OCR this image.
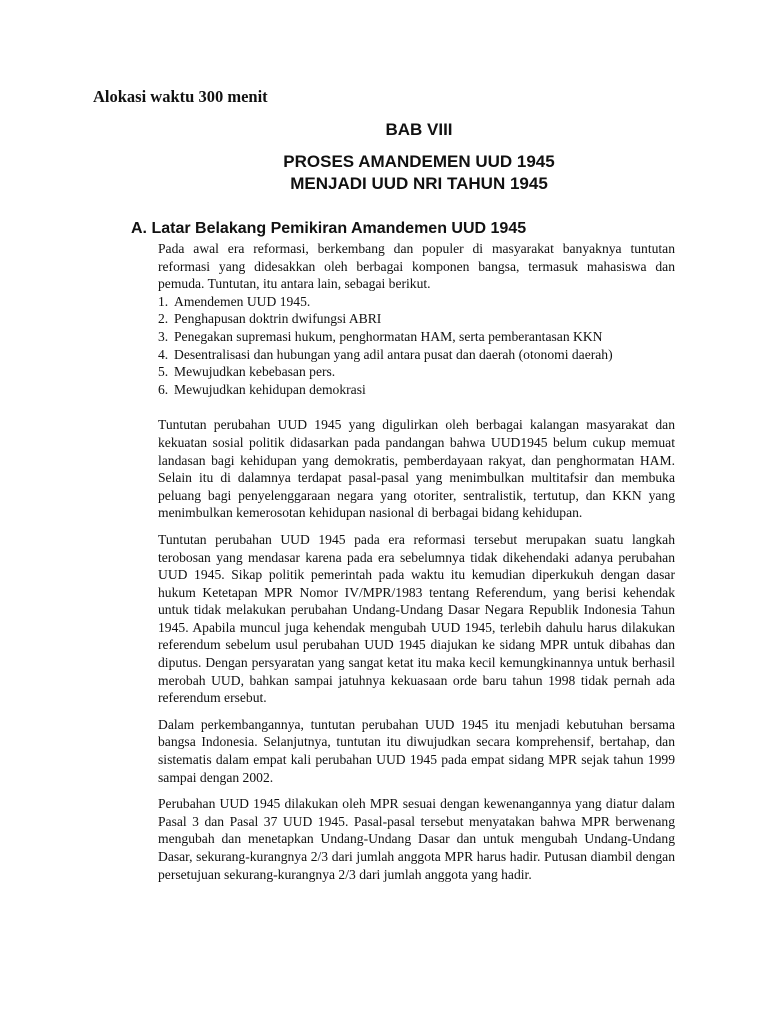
Alokasi waktu 300 menit
BAB VIII
PROSES AMANDEMEN UUD 1945
MENJADI UUD NRI TAHUN 1945
A. Latar Belakang Pemikiran Amandemen UUD 1945

Pada awal era reformasi, berkembang dan populer di masyarakat banyaknya tuntutan reformasi yang didesakkan oleh berbagai komponen bangsa, termasuk mahasiswa dan pemuda. Tuntutan, itu antara lain, sebagai berikut.

1. Amendemen UUD 1945.
2. Penghapusan doktrin dwifungsi ABRI
3. Penegakan supremasi hukum, penghormatan HAM, serta pemberantasan KKN
4. Desentralisasi dan hubungan yang adil antara pusat dan daerah (otonomi daerah)
5. Mewujudkan kebebasan pers.
6. Mewujudkan kehidupan demokrasi

Tuntutan perubahan UUD 1945 yang digulirkan oleh berbagai kalangan masyarakat dan kekuatan sosial politik didasarkan pada pandangan bahwa UUD1945 belum cukup memuat landasan bagi kehidupan yang demokratis, pemberdayaan rakyat, dan penghormatan HAM. Selain itu di dalamnya terdapat pasal-pasal yang menimbulkan multitafsir dan membuka peluang bagi penyelenggaraan negara yang otoriter, sentralistik, tertutup, dan KKN yang menimbulkan kemerosotan kehidupan nasional di berbagai bidang kehidupan.

Tuntutan perubahan UUD 1945 pada era reformasi tersebut merupakan suatu langkah terobosan yang mendasar karena pada era sebelumnya tidak dikehendaki adanya perubahan UUD 1945. Sikap politik pemerintah pada waktu itu kemudian diperkukuh dengan dasar hukum Ketetapan MPR Nomor IV/MPR/1983 tentang Referendum, yang berisi kehendak untuk tidak melakukan perubahan Undang-Undang Dasar Negara Republik Indonesia Tahun 1945. Apabila muncul juga kehendak mengubah UUD 1945, terlebih dahulu harus dilakukan referendum sebelum usul perubahan UUD 1945 diajukan ke sidang MPR untuk dibahas dan diputus. Dengan persyaratan yang sangat ketat itu maka kecil kemungkinannya untuk berhasil merobah UUD, bahkan sampai jatuhnya kekuasaan orde baru tahun 1998 tidak pernah ada referendum ersebut.

Dalam perkembangannya, tuntutan perubahan UUD 1945 itu menjadi kebutuhan bersama bangsa Indonesia. Selanjutnya, tuntutan itu diwujudkan secara komprehensif, bertahap, dan sistematis dalam empat kali perubahan UUD 1945 pada empat sidang MPR sejak tahun 1999 sampai dengan 2002.

Perubahan UUD 1945 dilakukan oleh MPR sesuai dengan kewenangannya yang diatur dalam Pasal 3 dan Pasal 37 UUD 1945. Pasal-pasal tersebut menyatakan bahwa MPR berwenang mengubah dan menetapkan Undang-Undang Dasar dan untuk mengubah Undang-Undang Dasar, sekurang-kurangnya 2/3 dari jumlah anggota MPR harus hadir. Putusan diambil dengan persetujuan sekurang-kurangnya 2/3 dari jumlah anggota yang hadir.
